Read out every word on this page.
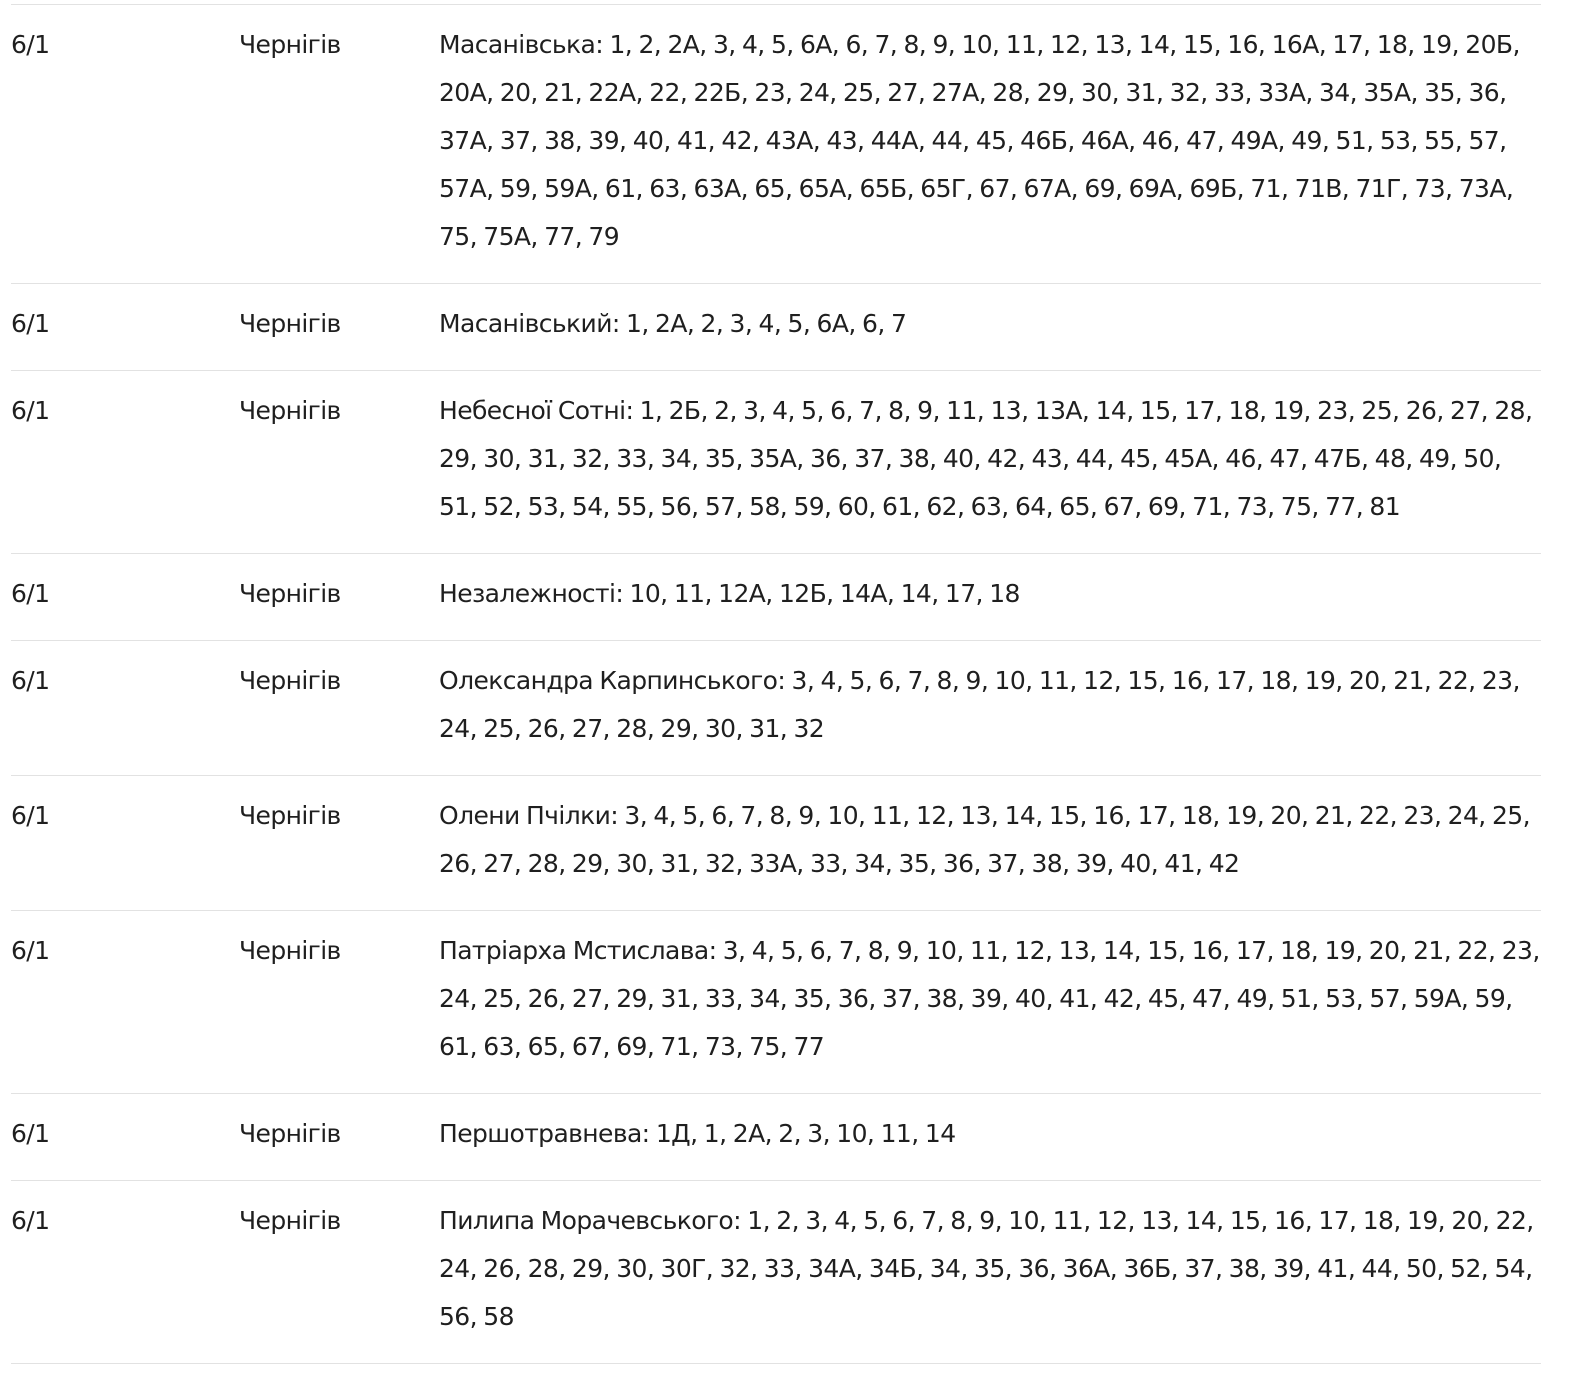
6/1	Чернігів	Масанівська: 1, 2, 2А, 3, 4, 5, 6А, 6, 7, 8, 9, 10, 11, 12, 13, 14, 15, 16, 16А, 17, 18, 19, 20Б, 20А, 20, 21, 22А, 22, 22Б, 23, 24, 25, 27, 27А, 28, 29, 30, 31, 32, 33, 33А, 34, 35А, 35, 36, 37А, 37, 38, 39, 40, 41, 42, 43А, 43, 44А, 44, 45, 46Б, 46А, 46, 47, 49А, 49, 51, 53, 55, 57, 57А, 59, 59А, 61, 63, 63А, 65, 65А, 65Б, 65Г, 67, 67А, 69, 69А, 69Б, 71, 71В, 71Г, 73, 73А, 75, 75А, 77, 79
6/1	Чернігів	Масанівський: 1, 2А, 2, 3, 4, 5, 6А, 6, 7
6/1	Чернігів	Небесної Сотні: 1, 2Б, 2, 3, 4, 5, 6, 7, 8, 9, 11, 13, 13А, 14, 15, 17, 18, 19, 23, 25, 26, 27, 28, 29, 30, 31, 32, 33, 34, 35, 35А, 36, 37, 38, 40, 42, 43, 44, 45, 45А, 46, 47, 47Б, 48, 49, 50, 51, 52, 53, 54, 55, 56, 57, 58, 59, 60, 61, 62, 63, 64, 65, 67, 69, 71, 73, 75, 77, 81
6/1	Чернігів	Незалежності: 10, 11, 12А, 12Б, 14А, 14, 17, 18
6/1	Чернігів	Олександра Карпинського: 3, 4, 5, 6, 7, 8, 9, 10, 11, 12, 15, 16, 17, 18, 19, 20, 21, 22, 23, 24, 25, 26, 27, 28, 29, 30, 31, 32
6/1	Чернігів	Олени Пчілки: 3, 4, 5, 6, 7, 8, 9, 10, 11, 12, 13, 14, 15, 16, 17, 18, 19, 20, 21, 22, 23, 24, 25, 26, 27, 28, 29, 30, 31, 32, 33А, 33, 34, 35, 36, 37, 38, 39, 40, 41, 42
6/1	Чернігів	Патріарха Мстислава: 3, 4, 5, 6, 7, 8, 9, 10, 11, 12, 13, 14, 15, 16, 17, 18, 19, 20, 21, 22, 23, 24, 25, 26, 27, 29, 31, 33, 34, 35, 36, 37, 38, 39, 40, 41, 42, 45, 47, 49, 51, 53, 57, 59А, 59, 61, 63, 65, 67, 69, 71, 73, 75, 77
6/1	Чернігів	Першотравнева: 1Д, 1, 2А, 2, 3, 10, 11, 14
6/1	Чернігів	Пилипа Морачевського: 1, 2, 3, 4, 5, 6, 7, 8, 9, 10, 11, 12, 13, 14, 15, 16, 17, 18, 19, 20, 22, 24, 26, 28, 29, 30, 30Г, 32, 33, 34А, 34Б, 34, 35, 36, 36А, 36Б, 37, 38, 39, 41, 44, 50, 52, 54, 56, 58
